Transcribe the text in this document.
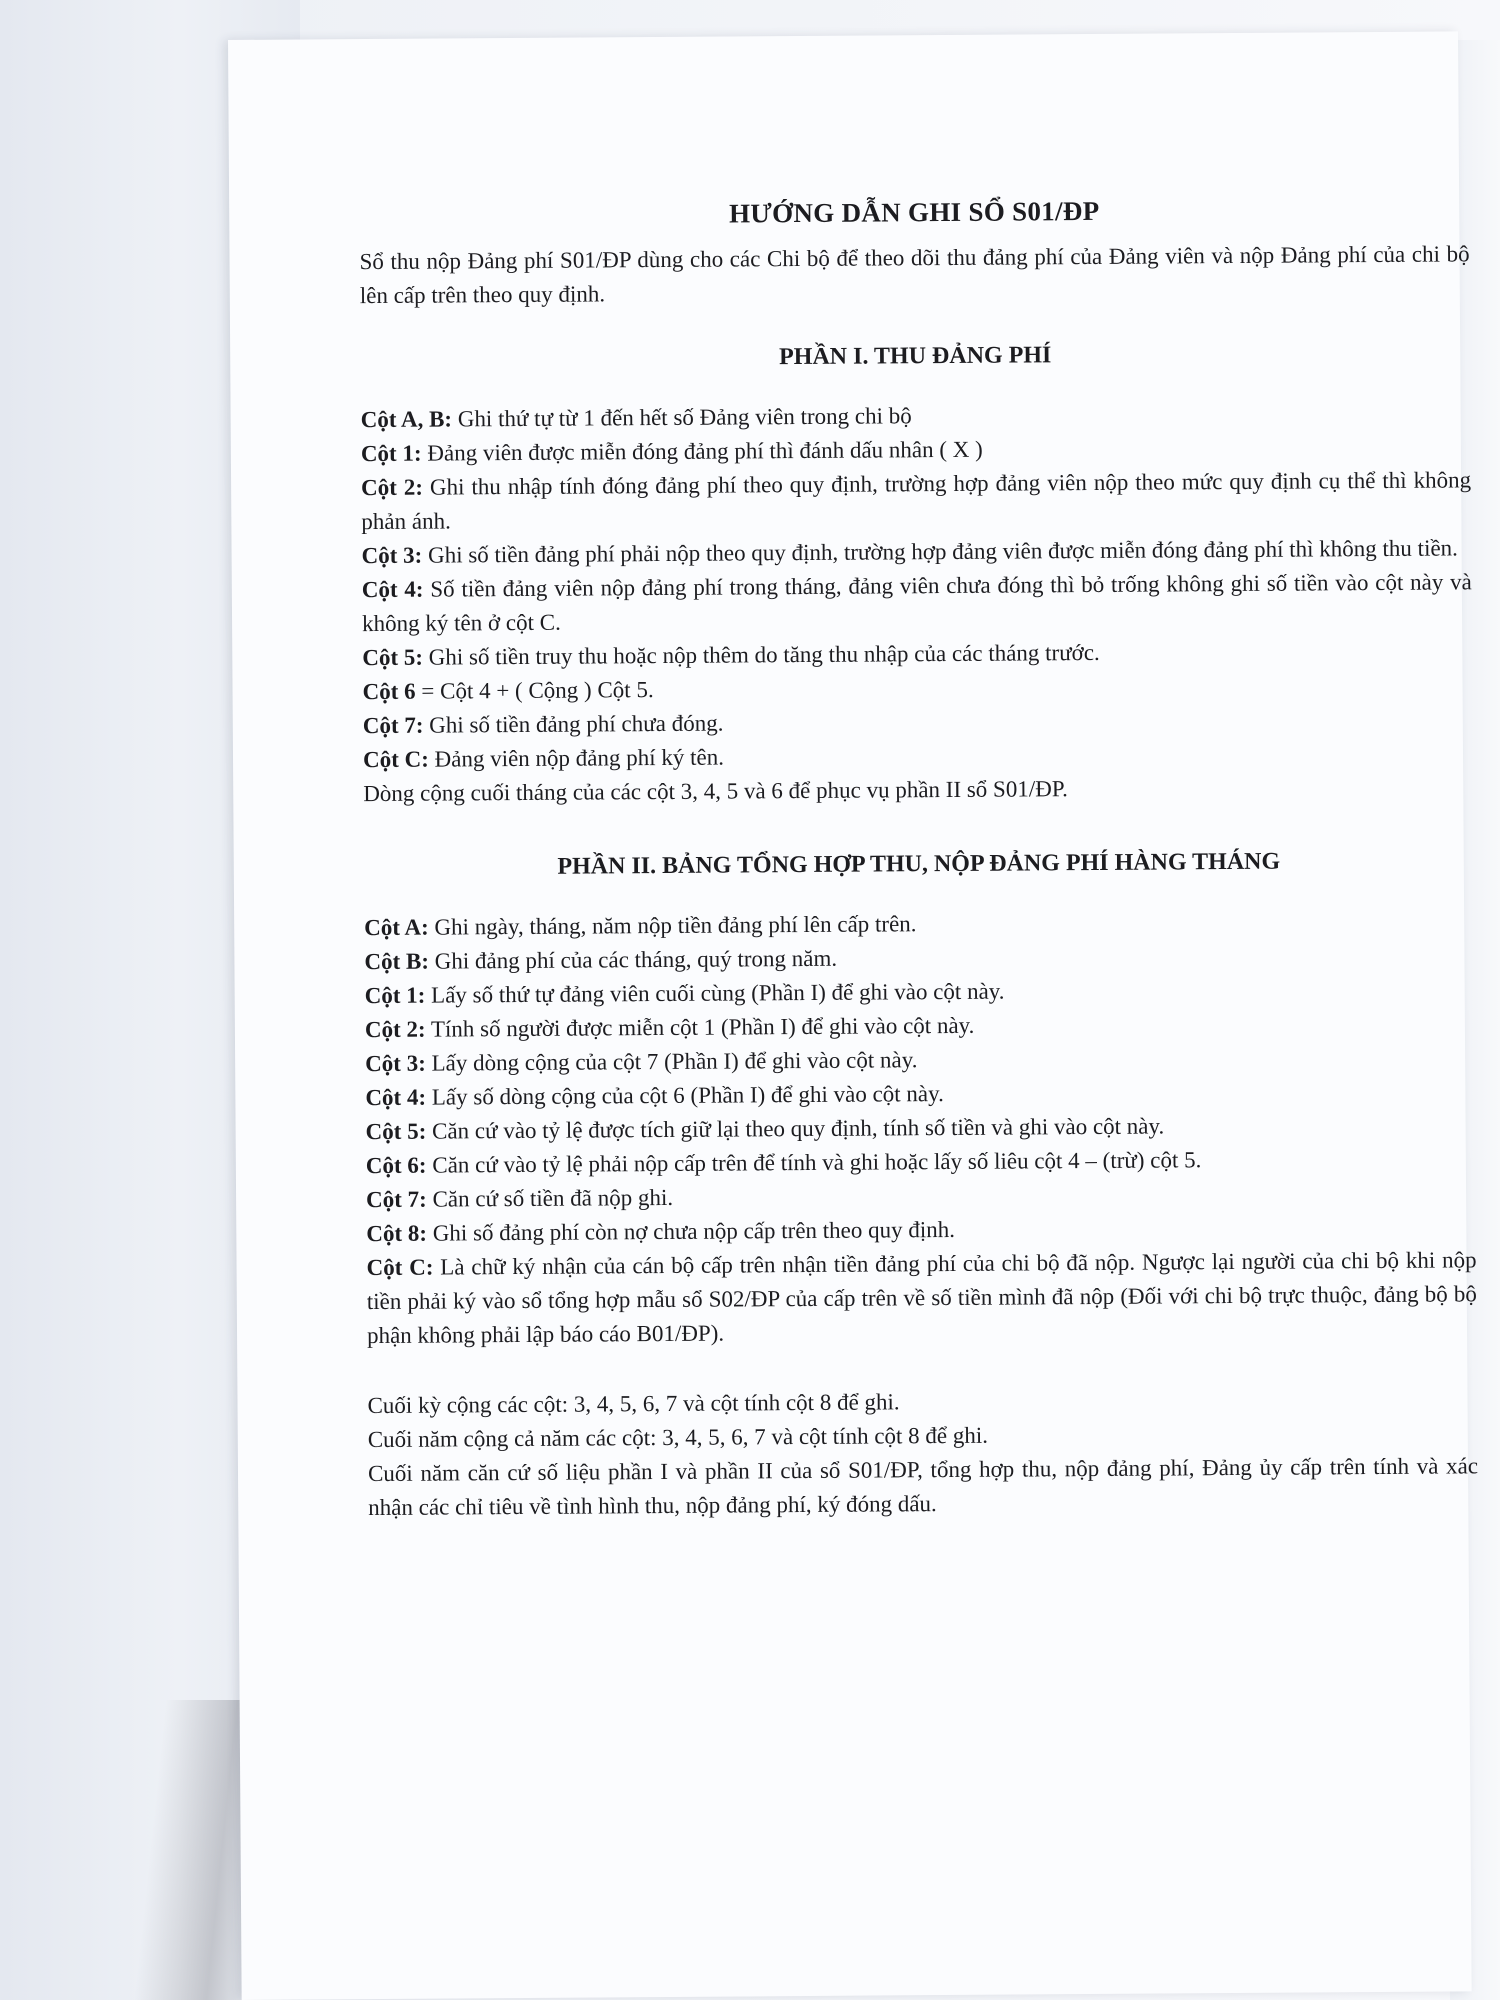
HƯỚNG DẪN GHI SỔ S01/ĐP

Sổ thu nộp Đảng phí S01/ĐP dùng cho các Chi bộ để theo dõi thu đảng phí của Đảng viên và nộp Đảng phí của chi bộ lên cấp trên theo quy định.

PHẦN I. THU ĐẢNG PHÍ

Cột A, B: Ghi thứ tự từ 1 đến hết số Đảng viên trong chi bộ

Cột 1: Đảng viên được miễn đóng đảng phí thì đánh dấu nhân ( X )

Cột 2: Ghi thu nhập tính đóng đảng phí theo quy định, trường hợp đảng viên nộp theo mức quy định cụ thể thì không phản ánh.

Cột 3: Ghi số tiền đảng phí phải nộp theo quy định, trường hợp đảng viên được miễn đóng đảng phí thì không thu tiền.

Cột 4: Số tiền đảng viên nộp đảng phí trong tháng, đảng viên chưa đóng thì bỏ trống không ghi số tiền vào cột này và không ký tên ở cột C.

Cột 5: Ghi số tiền truy thu hoặc nộp thêm do tăng thu nhập của các tháng trước.

Cột 6 = Cột 4 + ( Cộng ) Cột 5.

Cột 7: Ghi số tiền đảng phí chưa đóng.

Cột C: Đảng viên nộp đảng phí ký tên.

Dòng cộng cuối tháng của các cột 3, 4, 5 và 6 để phục vụ phần II sổ S01/ĐP.

PHẦN II. BẢNG TỔNG HỢP THU, NỘP ĐẢNG PHÍ HÀNG THÁNG

Cột A: Ghi ngày, tháng, năm nộp tiền đảng phí lên cấp trên.

Cột B: Ghi đảng phí của các tháng, quý trong năm.

Cột 1: Lấy số thứ tự đảng viên cuối cùng (Phần I) để ghi vào cột này.

Cột 2: Tính số người được miễn cột 1 (Phần I) để ghi vào cột này.

Cột 3: Lấy dòng cộng của cột 7 (Phần I) để ghi vào cột này.

Cột 4: Lấy số dòng cộng của cột 6 (Phần I) để ghi vào cột này.

Cột 5: Căn cứ vào tỷ lệ được tích giữ lại theo quy định, tính số tiền và ghi vào cột này.

Cột 6: Căn cứ vào tỷ lệ phải nộp cấp trên để tính và ghi hoặc lấy số liêu cột 4 – (trừ) cột 5.

Cột 7: Căn cứ số tiền đã nộp ghi.

Cột 8: Ghi số đảng phí còn nợ chưa nộp cấp trên theo quy định.

Cột C: Là chữ ký nhận của cán bộ cấp trên nhận tiền đảng phí của chi bộ đã nộp. Ngược lại người của chi bộ khi nộp tiền phải ký vào sổ tổng hợp mẫu sổ S02/ĐP của cấp trên về số tiền mình đã nộp (Đối với chi bộ trực thuộc, đảng bộ bộ phận không phải lập báo cáo B01/ĐP).

Cuối kỳ cộng các cột: 3, 4, 5, 6, 7 và cột tính cột 8 để ghi.

Cuối năm cộng cả năm các cột: 3, 4, 5, 6, 7 và cột tính cột 8 để ghi.

Cuối năm căn cứ số liệu phần I và phần II của sổ S01/ĐP, tổng hợp thu, nộp đảng phí, Đảng ủy cấp trên tính và xác nhận các chỉ tiêu về tình hình thu, nộp đảng phí, ký đóng dấu.
